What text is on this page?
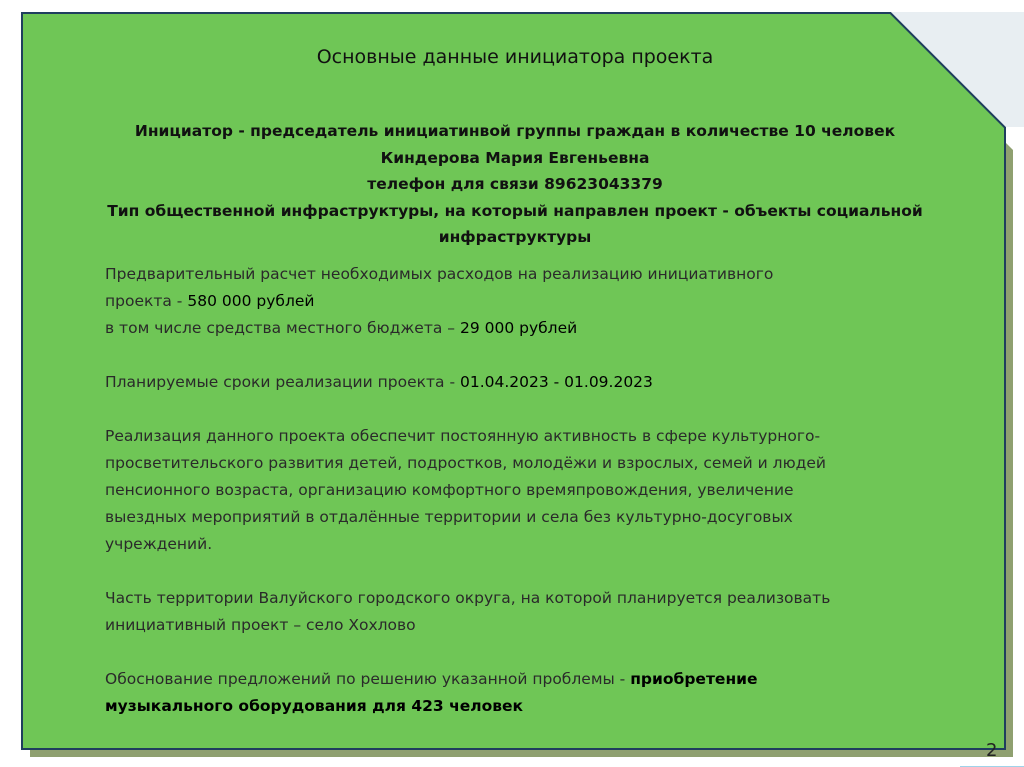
Основные данные инициатора проекта
Инициатор - председатель инициатинвой группы граждан в количестве 10 человек
Киндерова Мария Евгеньевна
телефон для связи 89623043379
Тип общественной инфраструктуры, на который направлен проект - объекты социальной
инфраструктуры

Предварительный расчет необходимых расходов на реализацию инициативного

проекта - 580 000 рублей

в том числе средства местного бюджета – 29 000 рублей

Планируемые сроки реализации проекта - 01.04.2023 - 01.09.2023

Реализация данного проекта обеспечит постоянную активность в сфере культурного-

просветительского развития детей, подростков, молодёжи и взрослых, семей и людей

пенсионного возраста, организацию комфортного времяпровождения, увеличение

выездных мероприятий в отдалённые территории и села без культурно-досуговых

учреждений.

Часть территории Валуйского городского округа, на которой планируется реализовать

инициативный проект – село Хохлово

Обоснование предложений по решению указанной проблемы - приобретение

музыкального оборудования для 423 человек

2
